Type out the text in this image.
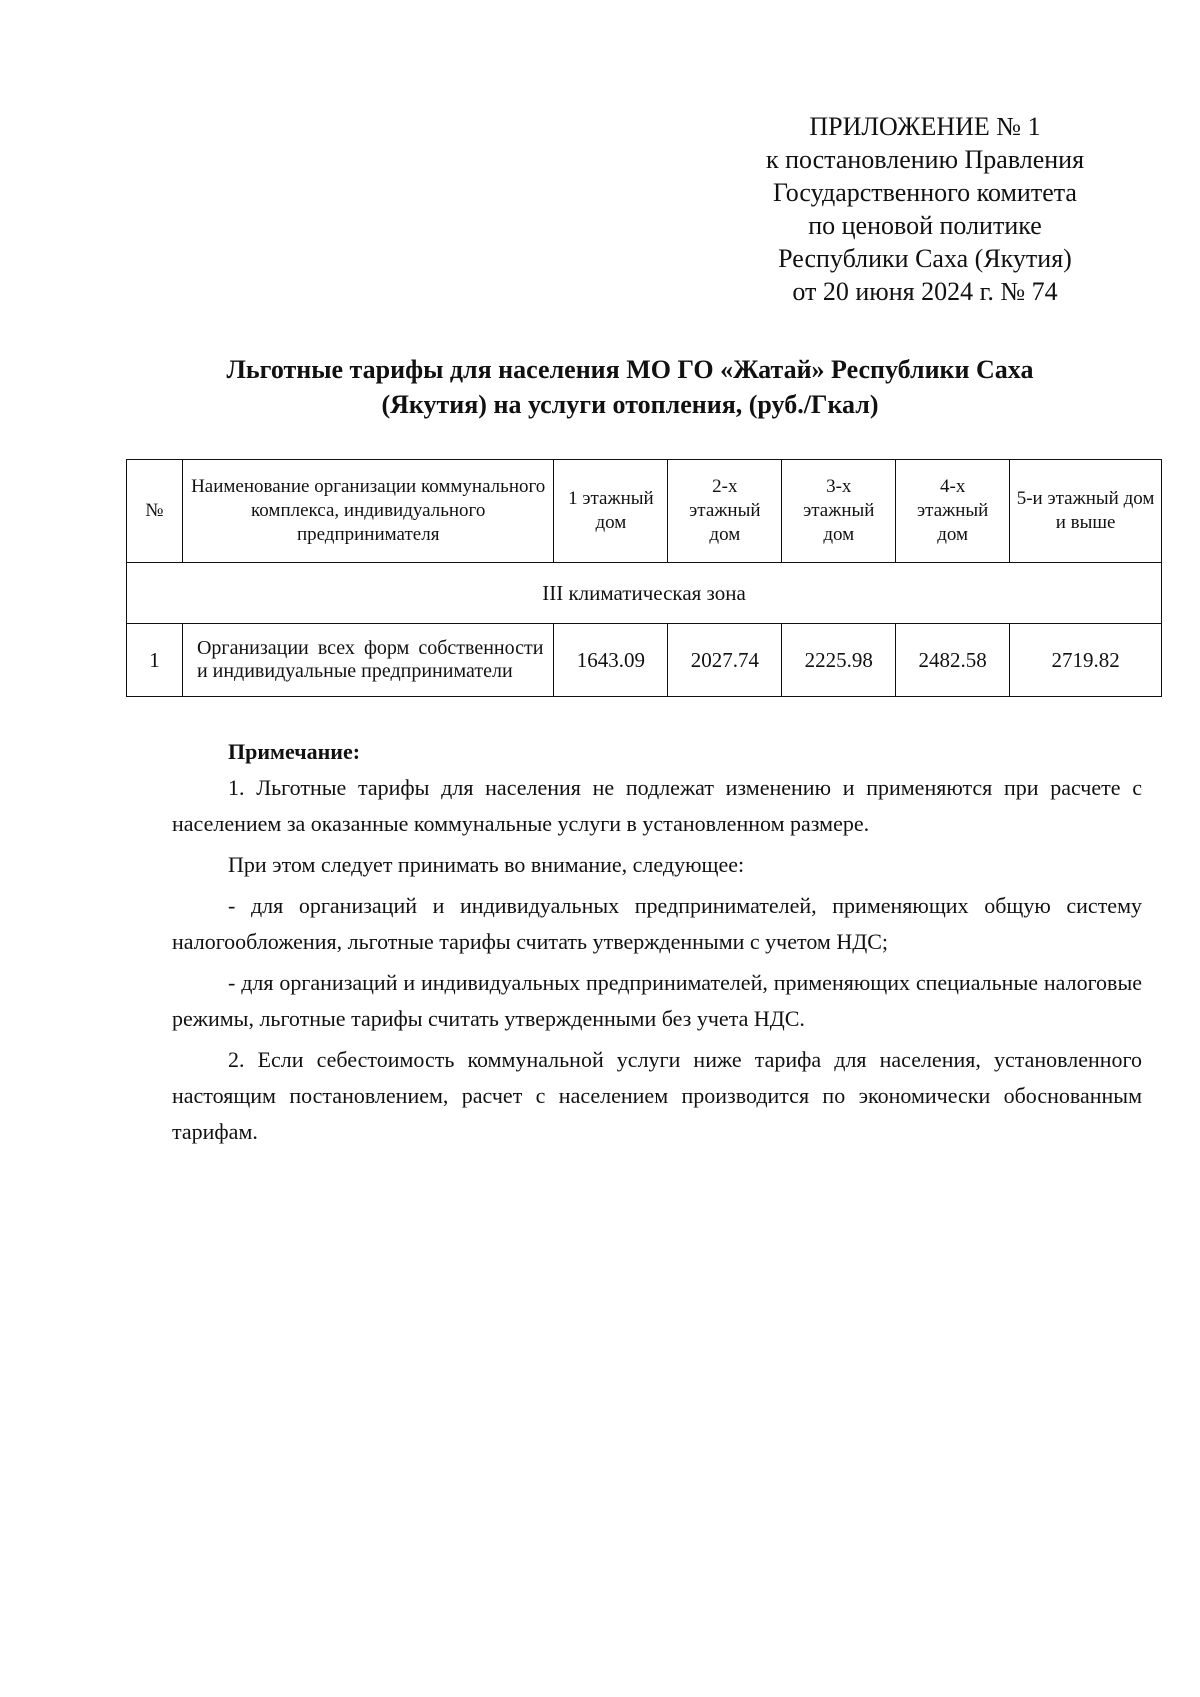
ПРИЛОЖЕНИЕ № 1
к постановлению Правления
Государственного комитета
по ценовой политике
Республики Саха (Якутия)
от 20 июня 2024 г. № 74
Льготные тарифы для населения МО ГО «Жатай» Республики Саха
(Якутия) на услуги отопления, (руб./Гкал)
№	Наименование организации коммунального комплекса, индивидуального предпринимателя	1 этажный дом	2-х этажный дом	3-х этажный дом	4-х этажный дом	5-и этажный дом и выше
III климатическая зона						
1	Организации всех форм собственности и индивидуальные предприниматели	1643.09	2027.74	2225.98	2482.58	2719.82
Примечание:

1. Льготные тарифы для населения не подлежат изменению и применяются при расчете с населением за оказанные коммунальные услуги в установленном размере.

При этом следует принимать во внимание, следующее:

- для организаций и индивидуальных предпринимателей, применяющих общую систему налогообложения, льготные тарифы считать утвержденными с учетом НДС;

- для организаций и индивидуальных предпринимателей, применяющих специальные налоговые режимы, льготные тарифы считать утвержденными без учета НДС.

2. Если себестоимость коммунальной услуги ниже тарифа для населения, установленного настоящим постановлением, расчет с населением производится по экономически обоснованным тарифам.
